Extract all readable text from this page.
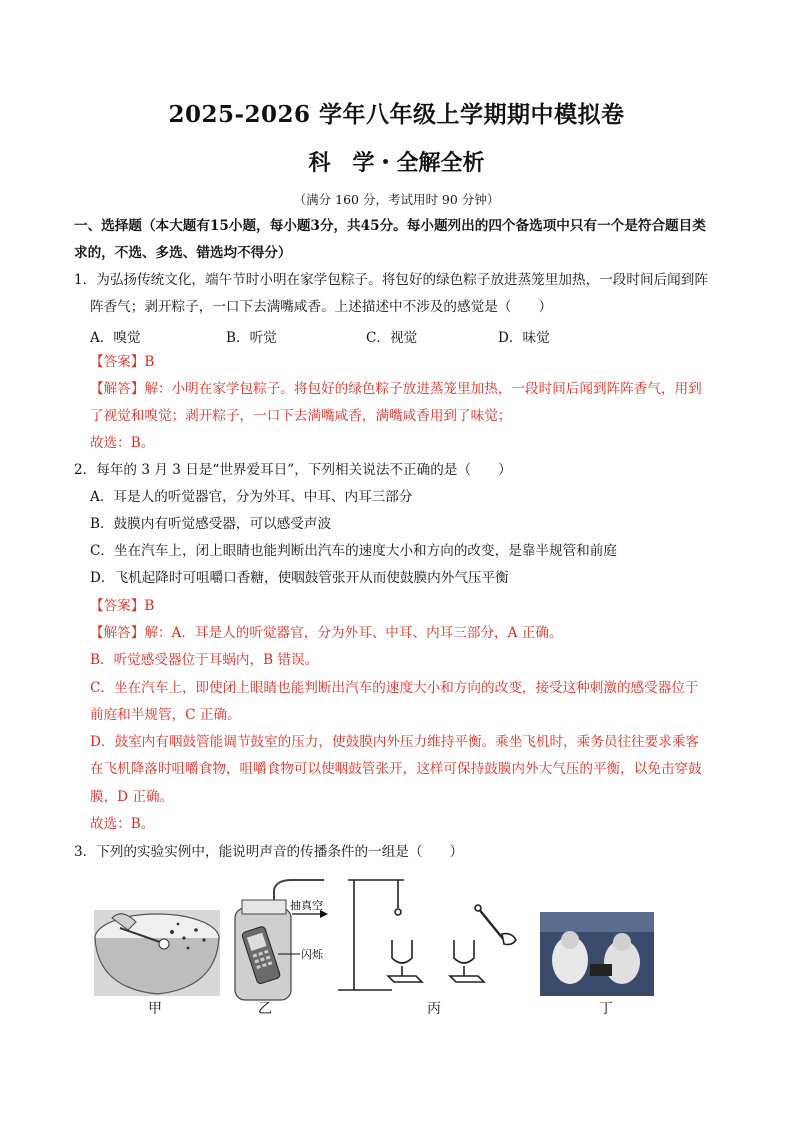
2025-2026 学年八年级上学期期中模拟卷
科　学・全解全析
（满分 160 分，考试用时 90 分钟）
一、选择题（本大题有15小题，每小题3分，共45分。每小题列出的四个备选项中只有一个是符合题目类
求的，不选、多选、错选均不得分）
1．为弘扬传统文化，端午节时小明在家学包粽子。将包好的绿色粽子放进蒸笼里加热，一段时间后闻到阵
阵香气；剥开粽子，一口下去满嘴咸香。上述描述中不涉及的感觉是（　　）
A．嗅觉	B．听觉	C．视觉	D．味觉
【答案】B
【解答】解：小明在家学包粽子。将包好的绿色粽子放进蒸笼里加热，一段时间后闻到阵阵香气，用到
了视觉和嗅觉；剥开粽子，一口下去满嘴咸香，满嘴咸香用到了味觉；
故选：B。
2．每年的 3 月 3 日是“世界爱耳日”，下列相关说法不正确的是（　　）
A．耳是人的听觉器官，分为外耳、中耳、内耳三部分
B．鼓膜内有听觉感受器，可以感受声波
C．坐在汽车上，闭上眼睛也能判断出汽车的速度大小和方向的改变，是靠半规管和前庭
D．飞机起降时可咀嚼口香糖，使咽鼓管张开从而使鼓膜内外气压平衡
【答案】B
【解答】解：A．耳是人的听觉器官，分为外耳、中耳、内耳三部分，A 正确。
B．听觉感受器位于耳蜗内，B 错误。
C．坐在汽车上，即使闭上眼睛也能判断出汽车的速度大小和方向的改变，接受这种刺激的感受器位于
前庭和半规管，C 正确。
D．鼓室内有咽鼓管能调节鼓室的压力，使鼓膜内外压力维持平衡。乘坐飞机时，乘务员往往要求乘客
在飞机降落时咀嚼食物，咀嚼食物可以使咽鼓管张开，这样可保持鼓膜内外大气压的平衡，以免击穿鼓
膜，D 正确。
故选：B。
3．下列的实验实例中，能说明声音的传播条件的一组是（　　）
抽真空
闪烁
甲	乙	丙	丁
